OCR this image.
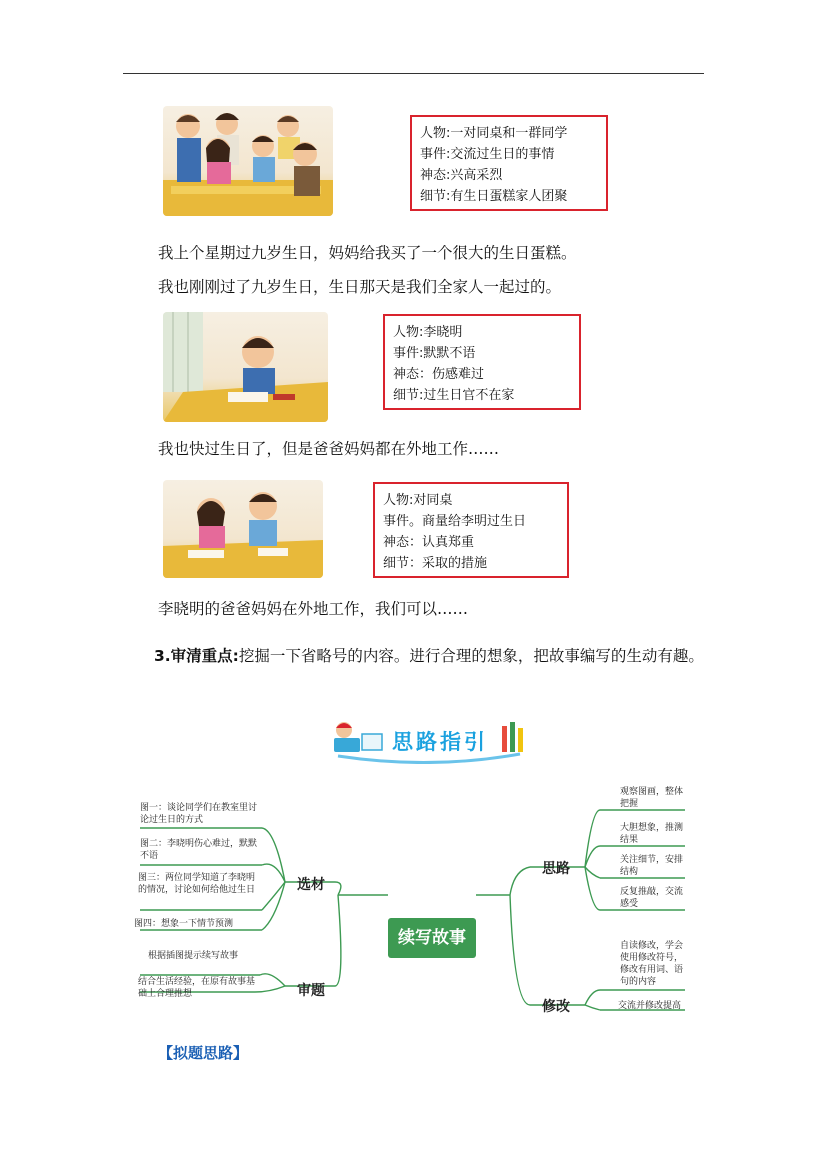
人物:一对同桌和一群同学
事件:交流过生日的事情
神态:兴高采烈
细节:有生日蛋糕家人团聚
我上个星期过九岁生日，妈妈给我买了一个很大的生日蛋糕。
我也刚刚过了九岁生日，生日那天是我们全家人一起过的。
人物:李晓明
事件:默默不语
神态：伤感难过
细节:过生日官不在家
我也快过生日了，但是爸爸妈妈都在外地工作……
人物:对同桌
事件。商量给李明过生日
神态：认真郑重
细节：采取的措施
李晓明的爸爸妈妈在外地工作，我们可以……
3.审清重点:挖掘一下省略号的内容。进行合理的想象，把故事编写的生动有趣。
思路指引
续写故事
选材
审题
思路
修改
图一：谈论同学们在教室里讨论过生日的方式
图二：李晓明伤心难过，默默不语
图三：两位同学知道了李晓明的情况，讨论如何给他过生日
图四：想象一下情节预测
根据插图提示续写故事
结合生活经验，在原有故事基础上合理推想
观察图画，整体把握
大胆想象，推测结果
关注细节，安排结构
反复推敲，交流感受
自读修改，学会使用修改符号，修改有用词、语句的内容
交流并修改提高
【拟题思路】
